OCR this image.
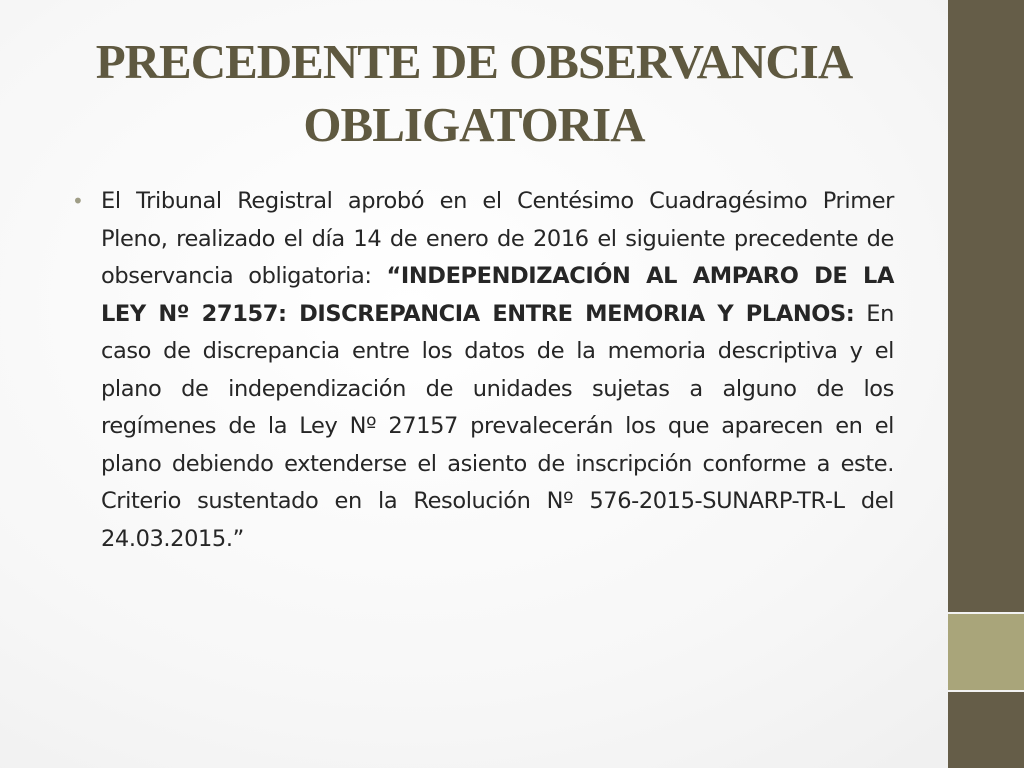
PRECEDENTE DE OBSERVANCIA
OBLIGATORIA
• El Tribunal Registral aprobó en el Centésimo Cuadragésimo Primer Pleno, realizado el día 14 de enero de 2016 el siguiente precedente de observancia obligatoria: “INDEPENDIZACIÓN AL AMPARO DE LA LEY Nº 27157: DISCREPANCIA ENTRE MEMORIA Y PLANOS: En caso de discrepancia entre los datos de la memoria descriptiva y el plano de independización de unidades sujetas a alguno de los regímenes de la Ley Nº 27157 prevalecerán los que aparecen en el plano debiendo extenderse el asiento de inscripción conforme a este. Criterio sustentado en la Resolución Nº 576-2015-SUNARP-TR-L del 24.03.2015.”
